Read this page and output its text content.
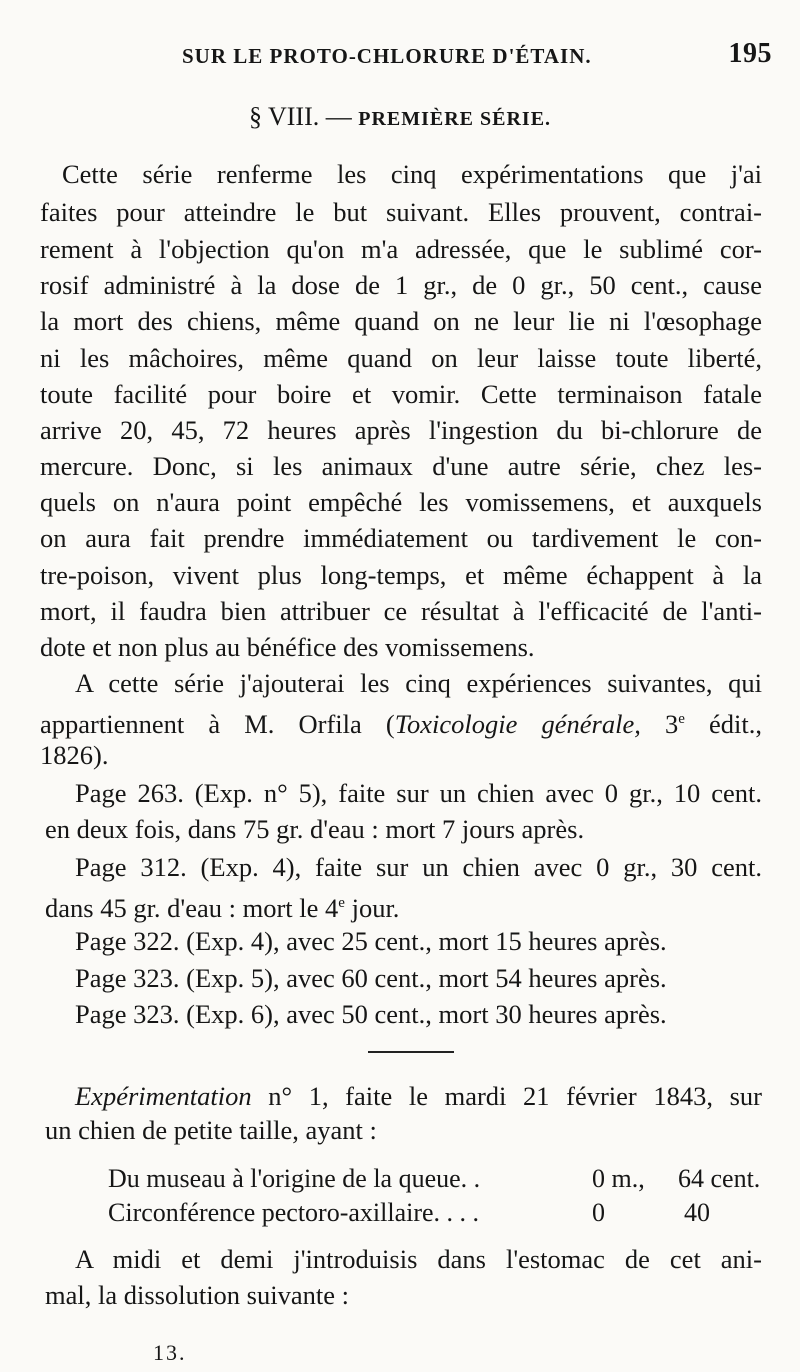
SUR LE PROTO-CHLORURE D'ÉTAIN.	195
§ VIII. — PREMIÈRE SÉRIE.
Cette série renferme les cinq expérimentations que j'ai
faites pour atteindre le but suivant. Elles prouvent, contrai-
rement à l'objection qu'on m'a adressée, que le sublimé cor-
rosif administré à la dose de 1 gr., de 0 gr., 50 cent., cause
la mort des chiens, même quand on ne leur lie ni l'œsophage
ni les mâchoires, même quand on leur laisse toute liberté,
toute facilité pour boire et vomir. Cette terminaison fatale
arrive 20, 45, 72 heures après l'ingestion du bi-chlorure de
mercure. Donc, si les animaux d'une autre série, chez les-
quels on n'aura point empêché les vomissemens, et auxquels
on aura fait prendre immédiatement ou tardivement le con-
tre-poison, vivent plus long-temps, et même échappent à la
mort, il faudra bien attribuer ce résultat à l'efficacité de l'anti-
dote et non plus au bénéfice des vomissemens.
A cette série j'ajouterai les cinq expériences suivantes, qui
appartiennent à M. Orfila (Toxicologie générale, 3e édit.,
1826).
Page 263. (Exp. n° 5), faite sur un chien avec 0 gr., 10 cent.
en deux fois, dans 75 gr. d'eau : mort 7 jours après.
Page 312. (Exp. 4), faite sur un chien avec 0 gr., 30 cent.
dans 45 gr. d'eau : mort le 4e jour.
Page 322. (Exp. 4), avec 25 cent., mort 15 heures après.
Page 323. (Exp. 5), avec 60 cent., mort 54 heures après.
Page 323. (Exp. 6), avec 50 cent., mort 30 heures après.
Expérimentation n° 1, faite le mardi 21 février 1843, sur
un chien de petite taille, ayant :
Du museau à l'origine de la queue. .	0 m., 64 cent.
Circonférence pectoro-axillaire. . . .	0	40
A midi et demi j'introduisis dans l'estomac de cet ani-
mal, la dissolution suivante :
13.
